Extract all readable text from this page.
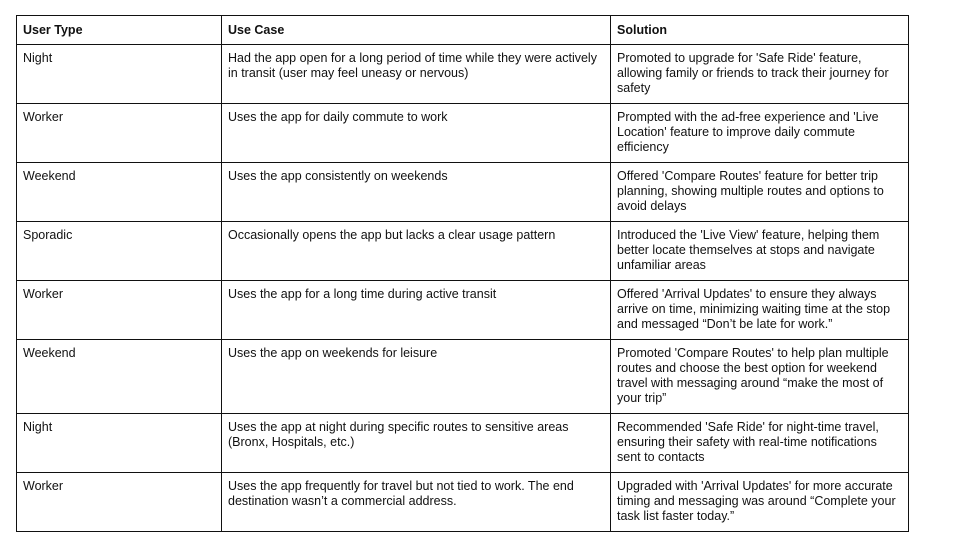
User Type	Use Case	Solution
Night	Had the app open for a long period of time while they were actively in transit (user may feel uneasy or nervous)	Promoted to upgrade for 'Safe Ride' feature, allowing family or friends to track their journey for safety
Worker	Uses the app for daily commute to work	Prompted with the ad-free experience and 'Live Location' feature to improve daily commute efficiency
Weekend	Uses the app consistently on weekends	Offered 'Compare Routes' feature for better trip planning, showing multiple routes and options to avoid delays
Sporadic	Occasionally opens the app but lacks a clear usage pattern	Introduced the 'Live View' feature, helping them better locate themselves at stops and navigate unfamiliar areas
Worker	Uses the app for a long time during active transit	Offered 'Arrival Updates' to ensure they always arrive on time, minimizing waiting time at the stop and messaged “Don’t be late for work.”
Weekend	Uses the app on weekends for leisure	Promoted 'Compare Routes' to help plan multiple routes and choose the best option for weekend travel with messaging around “make the most of your trip”
Night	Uses the app at night during specific routes to sensitive areas (Bronx, Hospitals, etc.)	Recommended 'Safe Ride' for night-time travel, ensuring their safety with real-time notifications sent to contacts
Worker	Uses the app frequently for travel but not tied to work. The end destination wasn’t a commercial address.	Upgraded with 'Arrival Updates' for more accurate timing and messaging was around “Complete your task list faster today.”
